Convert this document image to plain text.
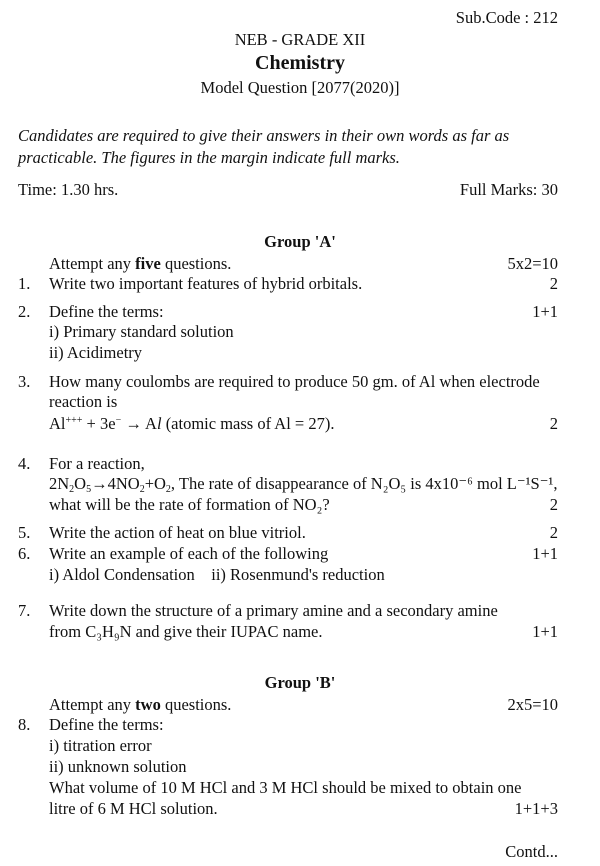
Sub.Code : 212
NEB - GRADE XII
Chemistry
Model Question [2077(2020)]
Candidates are required to give their answers in their own words as far as
practicable. The figures in the margin indicate full marks.
Time: 1.30 hrs.	Full Marks: 30
Group 'A'
Attempt any five questions.	5x2=10
1. Write two important features of hybrid orbitals.	2
2. Define the terms:	1+1
i) Primary standard solution
ii) Acidimetry
3. How many coulombs are required to produce 50 gm. of Al when electrode
reaction is
Al+++ + 3e− → Al (atomic mass of Al = 27).	2
4. For a reaction,
$2N_2O_5\to 4NO_2+O_2$, The rate of disappearance of N₂O₅ is 4x10⁻⁶ mol L⁻¹S⁻¹,
what will be the rate of formation of NO₂?	2
5. Write the action of heat on blue vitriol.	2
6. Write an example of each of the following	1+1
i) Aldol Condensation    ii) Rosenmund's reduction
7. Write down the structure of a primary amine and a secondary amine
from C₃H₉N and give their IUPAC name.	1+1
Group 'B'
Attempt any two questions.	2x5=10
8. Define the terms:
i) titration error
ii) unknown solution
What volume of 10 M HCl and 3 M HCl should be mixed to obtain one
litre of 6 M HCl solution.	1+1+3
Contd...
